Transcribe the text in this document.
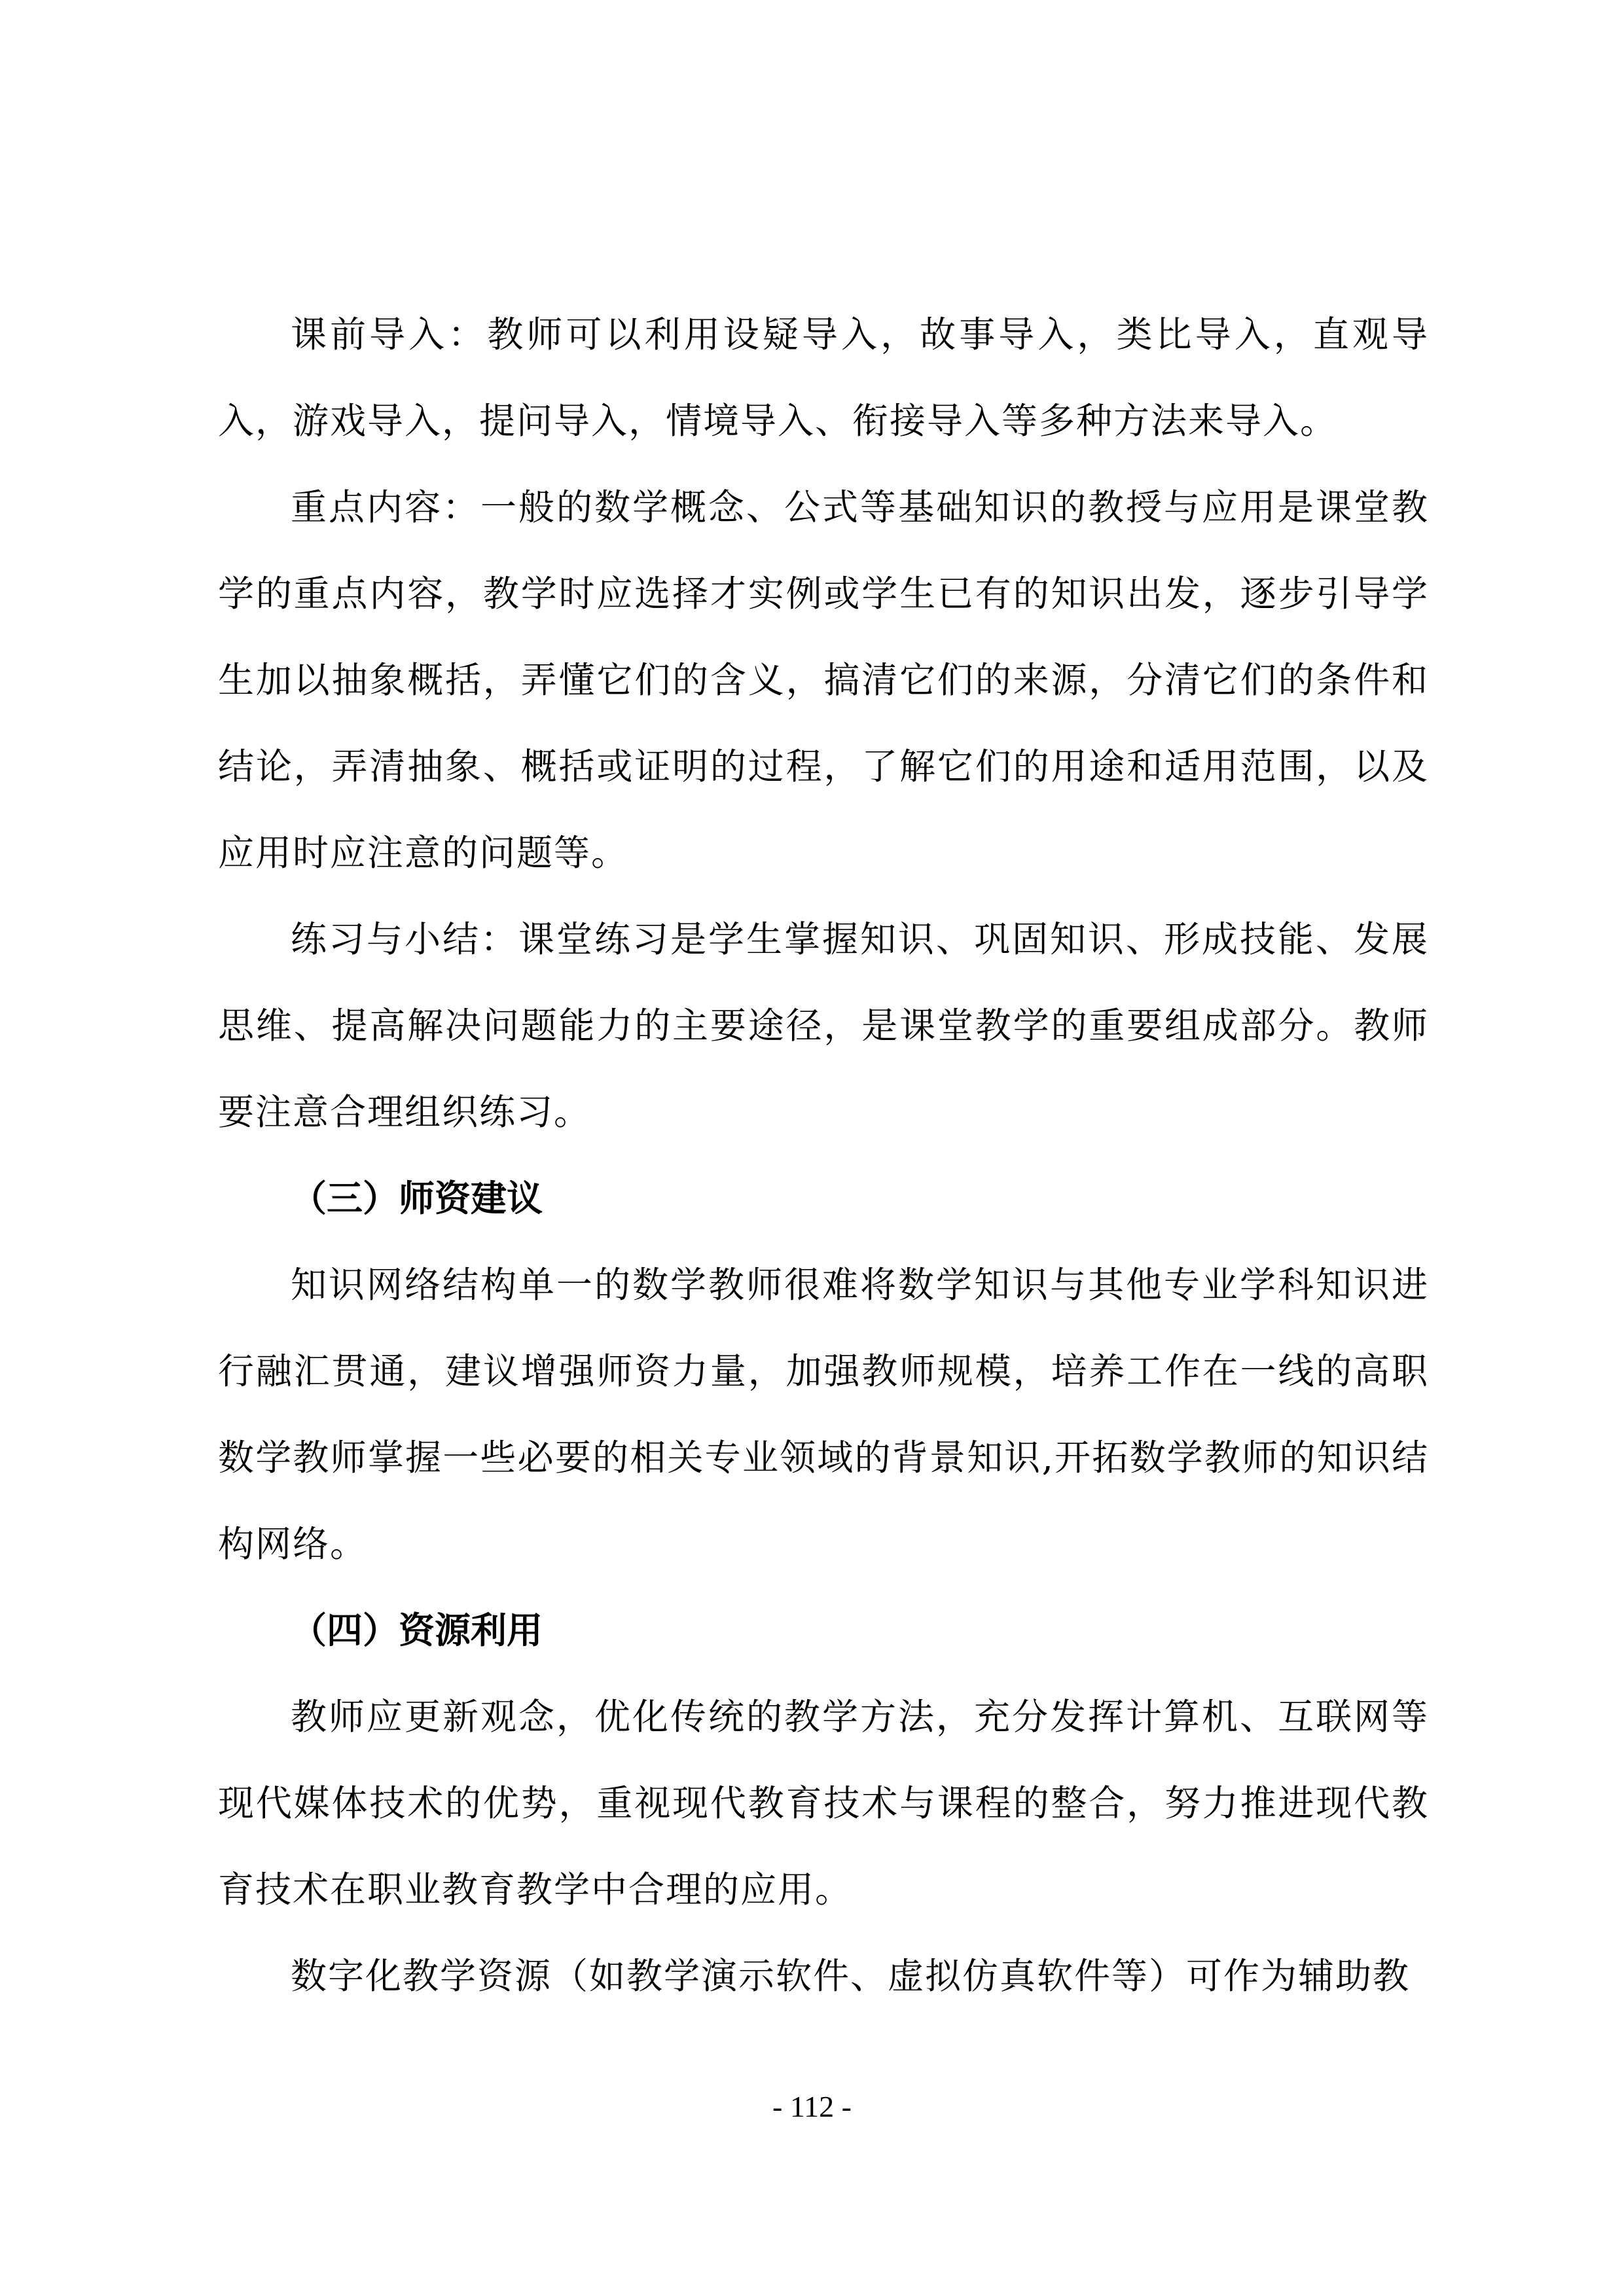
课前导入：教师可以利用设疑导入，故事导入，类比导入，直观导入，游戏导入，提问导入，情境导入、衔接导入等多种方法来导入。

重点内容：一般的数学概念、公式等基础知识的教授与应用是课堂教学的重点内容，教学时应选择才实例或学生已有的知识出发，逐步引导学生加以抽象概括，弄懂它们的含义，搞清它们的来源，分清它们的条件和结论，弄清抽象、概括或证明的过程，了解它们的用途和适用范围，以及应用时应注意的问题等。

练习与小结：课堂练习是学生掌握知识、巩固知识、形成技能、发展思维、提高解决问题能力的主要途径，是课堂教学的重要组成部分。教师要注意合理组织练习。

（三）师资建议

知识网络结构单一的数学教师很难将数学知识与其他专业学科知识进行融汇贯通，建议增强师资力量，加强教师规模，培养工作在一线的高职数学教师掌握一些必要的相关专业领域的背景知识,开拓数学教师的知识结构网络。

（四）资源利用

教师应更新观念，优化传统的教学方法，充分发挥计算机、互联网等现代媒体技术的优势，重视现代教育技术与课程的整合，努力推进现代教育技术在职业教育教学中合理的应用。

数字化教学资源（如教学演示软件、虚拟仿真软件等）可作为辅助教

- 112 -
